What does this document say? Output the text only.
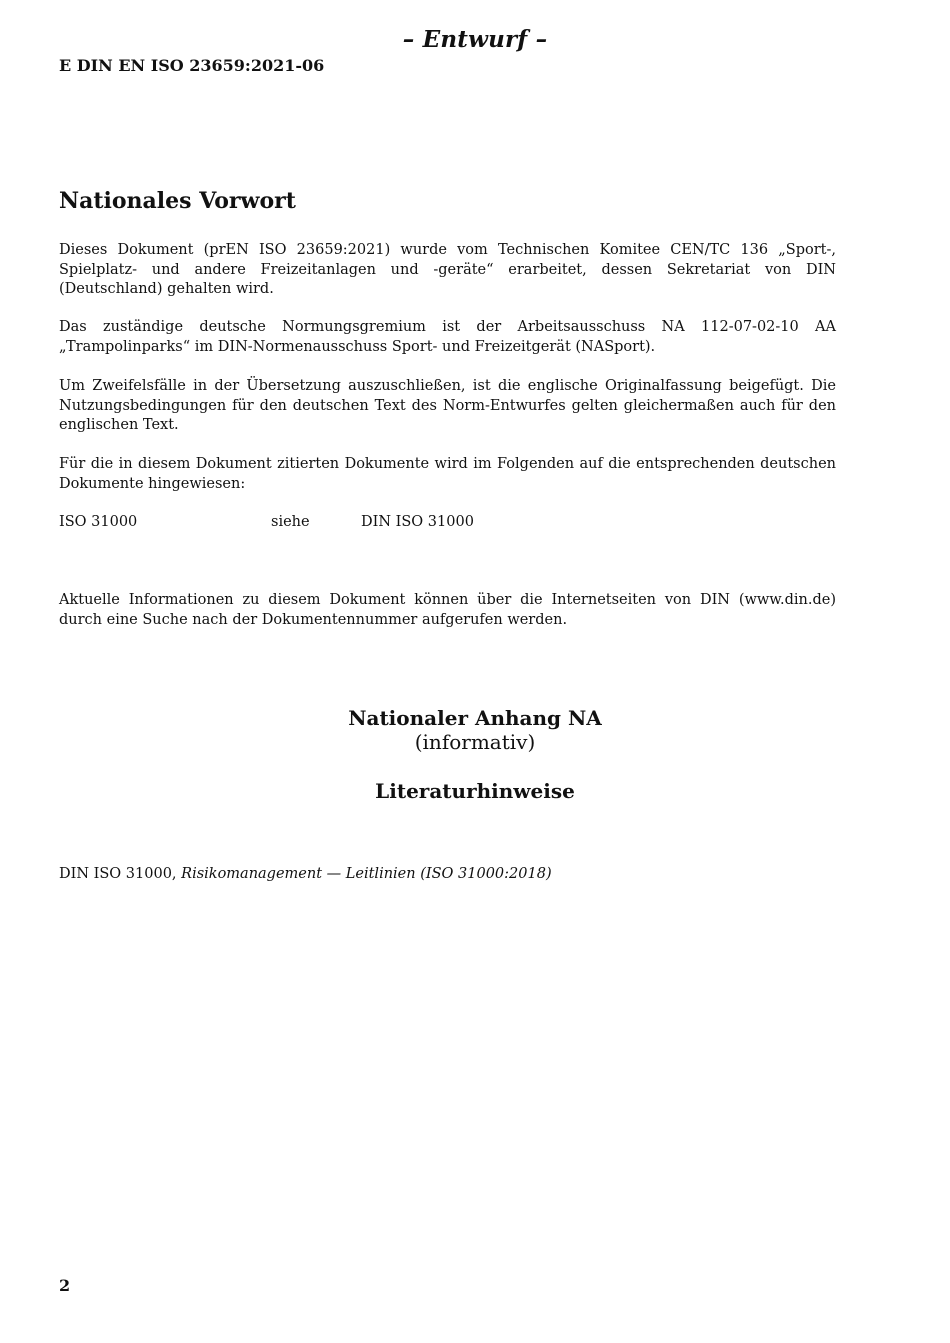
– Entwurf –
E DIN EN ISO 23659:2021-06
Nationales Vorwort
Dieses Dokument (prEN ISO 23659:2021) wurde vom Technischen Komitee CEN/TC 136 „Sport-, Spielplatz- und andere Freizeitanlagen und -geräte“ erarbeitet, dessen Sekretariat von DIN (Deutschland) gehalten wird.
Das zuständige deutsche Normungsgremium ist der Arbeitsausschuss NA 112-07-02-10 AA „Trampolinparks“ im DIN-Normenausschuss Sport- und Freizeitgerät (NASport).
Um Zweifelsfälle in der Übersetzung auszuschließen, ist die englische Originalfassung beigefügt. Die Nutzungsbedingungen für den deutschen Text des Norm-Entwurfes gelten gleichermaßen auch für den englischen Text.
Für die in diesem Dokument zitierten Dokumente wird im Folgenden auf die entsprechenden deutschen Dokumente hingewiesen:
ISO 31000	siehe	DIN ISO 31000
Aktuelle Informationen zu diesem Dokument können über die Internetseiten von DIN (www.din.de) durch eine Suche nach der Dokumentennummer aufgerufen werden.
Nationaler Anhang NA
(informativ)
Literaturhinweise
DIN ISO 31000, Risikomanagement — Leitlinien (ISO 31000:2018)
2
